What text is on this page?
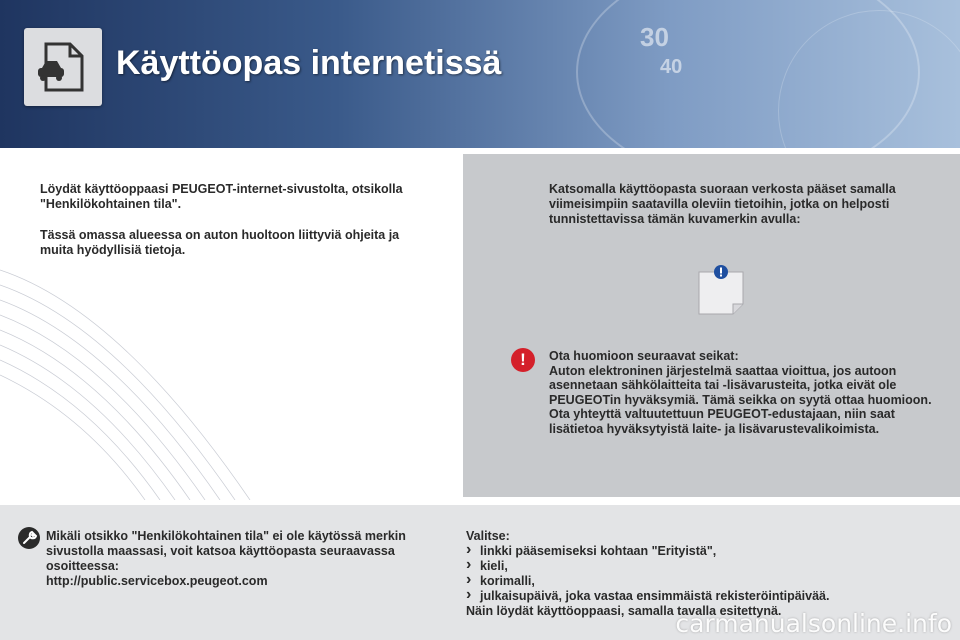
30
40
Käyttöopas internetissä

Löydät käyttöoppaasi PEUGEOT-internet-sivustolta, otsikolla "Henkilökohtainen tila".

Tässä omassa alueessa on auton huoltoon liittyviä ohjeita ja muita hyödyllisiä tietoja.

Katsomalla käyttöopasta suoraan verkosta pääset samalla viimeisimpiin saatavilla oleviin tietoihin, jotka on helposti tunnistettavissa tämän kuvamerkin avulla:
!	Ota huomioon seuraavat seikat:
Auton elektroninen järjestelmä saattaa vioittua, jos autoon asennetaan sähkölaitteita tai -lisävarusteita, jotka eivät ole PEUGEOTin hyväksymiä. Tämä seikka on syytä ottaa huomioon. Ota yhteyttä valtuutettuun PEUGEOT-edustajaan, niin saat lisätietoa hyväksytyistä laite- ja lisävarustevalikoimista.
Mikäli otsikko "Henkilökohtainen tila" ei ole käytössä merkin sivustolla maassasi, voit katsoa käyttöopasta seuraavassa osoitteessa:
http://public.servicebox.peugeot.com
Valitse:
› linkki pääsemiseksi kohtaan "Erityistä",
› kieli,
› korimalli,
› julkaisupäivä, joka vastaa ensimmäistä rekisteröintipäivää.
Näin löydät käyttöoppaasi, samalla tavalla esitettynä.
carmanualsonline.info
